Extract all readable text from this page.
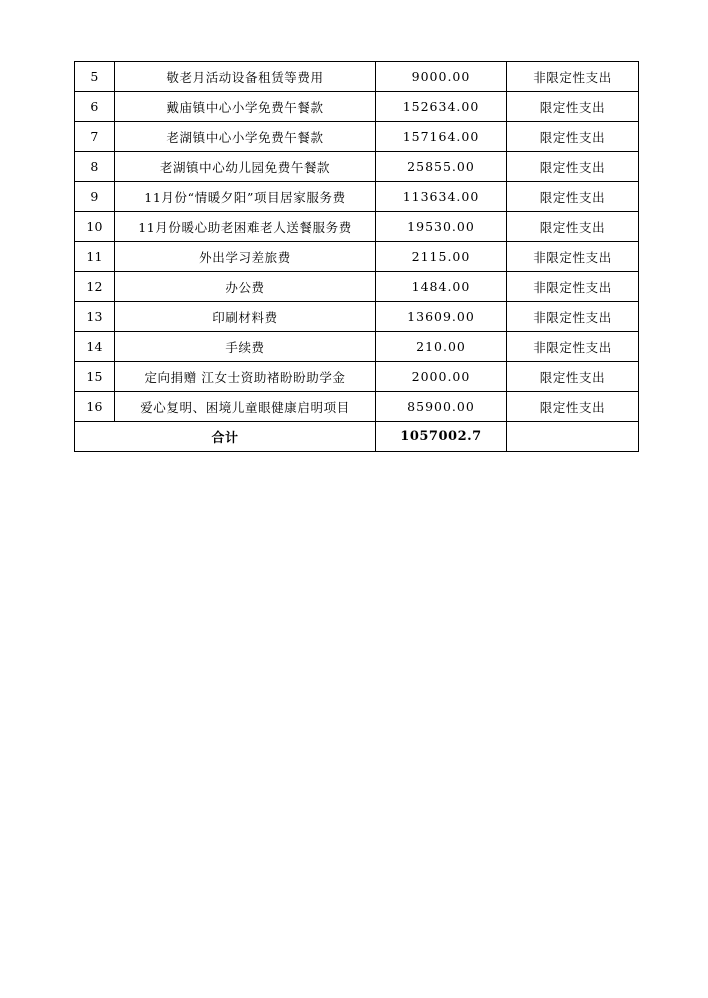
5	敬老月活动设备租赁等费用	9000.00	非限定性支出
6	戴庙镇中心小学免费午餐款	152634.00	限定性支出
7	老湖镇中心小学免费午餐款	157164.00	限定性支出
8	老湖镇中心幼儿园免费午餐款	25855.00	限定性支出
9	11月份“情暖夕阳”项目居家服务费	113634.00	限定性支出
10	11月份暖心助老困难老人送餐服务费	19530.00	限定性支出
11	外出学习差旅费	2115.00	非限定性支出
12	办公费	1484.00	非限定性支出
13	印刷材料费	13609.00	非限定性支出
14	手续费	210.00	非限定性支出
15	定向捐赠 江女士资助褚盼盼助学金	2000.00	限定性支出
16	爱心复明、困境儿童眼健康启明项目	85900.00	限定性支出
合计		1057002.7	
